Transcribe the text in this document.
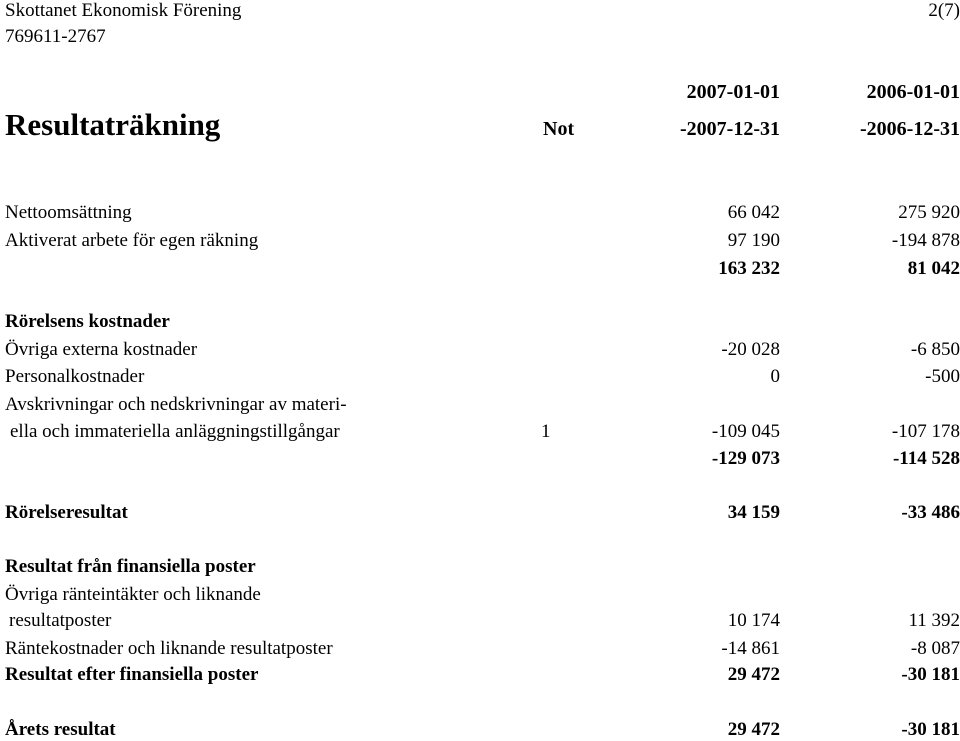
Skottanet Ekonomisk Förening
769611-2767
2(7)
2007-01-01	2006-01-01
Resultaträkning	Not	-2007-12-31	-2006-12-31
Nettoomsättning	66 042	275 920
Aktiverat arbete för egen räkning	97 190	-194 878
163 232	81 042
Rörelsens kostnader
Övriga externa kostnader	-20 028	-6 850
Personalkostnader	0	-500
Avskrivningar och nedskrivningar av materi-
ella och immateriella anläggningstillgångar	1	-109 045	-107 178
-129 073	-114 528
Rörelseresultat	34 159	-33 486
Resultat från finansiella poster
Övriga ränteintäkter och liknande
resultatposter	10 174	11 392
Räntekostnader och liknande resultatposter	-14 861	-8 087
Resultat efter finansiella poster	29 472	-30 181
Årets resultat	29 472	-30 181
